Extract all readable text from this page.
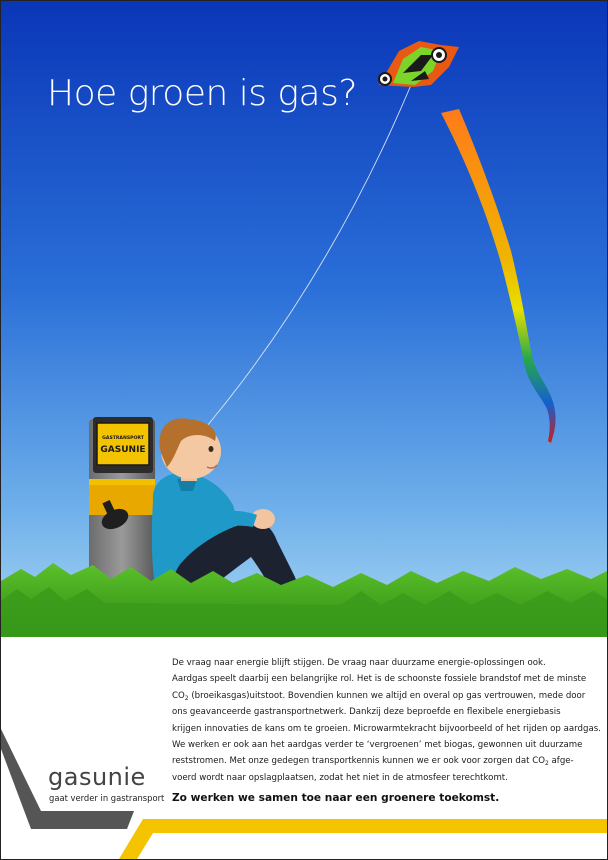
GASTRANSPORT
GASUNIE
Hoe groen is gas?

De vraag naar energie blijft stijgen. De vraag naar duurzame energie-oplossingen ook.

Aardgas speelt daarbij een belangrijke rol. Het is de schoonste fossiele brandstof met de minste

$CO_2$ (broeikasgas)uitstoot. Bovendien kunnen we altijd en overal op gas vertrouwen, mede door

ons geavanceerde gastransportnetwerk. Dankzij deze beproefde en flexibele energiebasis

krijgen innovaties de kans om te groeien. Microwarmtekracht bijvoorbeeld of het rijden op aardgas.

We werken er ook aan het aardgas verder te ‘vergroenen’ met biogas, gewonnen uit duurzame

reststromen. Met onze gedegen transportkennis kunnen we er ook voor zorgen dat $CO_2$ afge-

voerd wordt naar opslagplaatsen, zodat het niet in de atmosfeer terechtkomt.

Zo werken we samen toe naar een groenere toekomst.
gasunie
gaat verder in gastransport
